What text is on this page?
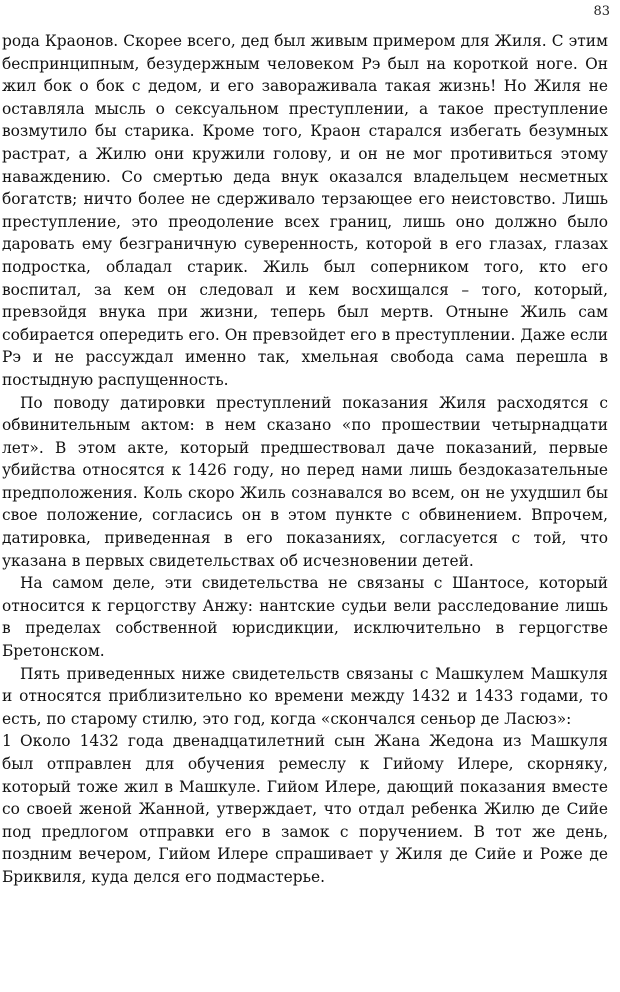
83

рода Краонов. Скорее всего, дед был живым примером для Жиля. С этим беспринципным, безудержным человеком Рэ был на короткой ноге. Он жил бок о бок с дедом, и его завораживала такая жизнь! Но Жиля не оставляла мысль о сексуальном преступлении, а такое преступление возмутило бы старика. Кроме того, Краон старался избегать безумных растрат, а Жилю они кружили голову, и он не мог противиться этому наваждению. Со смертью деда внук оказался владельцем несметных богатств; ничто более не сдерживало терзающее его неистовство. Лишь преступление, это преодоление всех границ, лишь оно должно было даровать ему безграничную суверенность, которой в его глазах, глазах подростка, обладал старик. Жиль был соперником того, кто его воспитал, за кем он следовал и кем восхищался – того, который, превзойдя внука при жизни, теперь был мертв. Отныне Жиль сам собирается опередить его. Он превзойдет его в преступлении. Даже если Рэ и не рассуждал именно так, хмельная свобода сама перешла в постыдную распущенность.

По поводу датировки преступлений показания Жиля расходятся с обвинительным актом: в нем сказано «по прошествии четырнадцати лет». В этом акте, который предшествовал даче показаний, первые убийства относятся к 1426 году, но перед нами лишь бездоказательные предположения. Коль скоро Жиль сознавался во всем, он не ухудшил бы свое положение, согласись он в этом пункте с обвинением. Впрочем, датировка, приведенная в его показаниях, согласуется с той, что указана в первых свидетельствах об исчезновении детей.

На самом деле, эти свидетельства не связаны с Шантосе, который относится к герцогству Анжу: нантские судьи вели расследование лишь в пределах собственной юрисдикции, исключительно в герцогстве Бретонском.

Пять приведенных ниже свидетельств связаны с Машкулем Машкуля и относятся приблизительно ко времени между 1432 и 1433 годами, то есть, по старому стилю, это год, когда «скончался сеньор де Ласюз»:

1 Около 1432 года двенадцатилетний сын Жана Жедона из Машкуля был отправлен для обучения ремеслу к Гийому Илере, скорняку, который тоже жил в Машкуле. Гийом Илере, дающий показания вместе со своей женой Жанной, утверждает, что отдал ребенка Жилю де Сийе под предлогом отправки его в замок с поручением. В тот же день, поздним вечером, Гийом Илере спрашивает у Жиля де Сийе и Роже де Бриквиля, куда делся его подмастерье.
